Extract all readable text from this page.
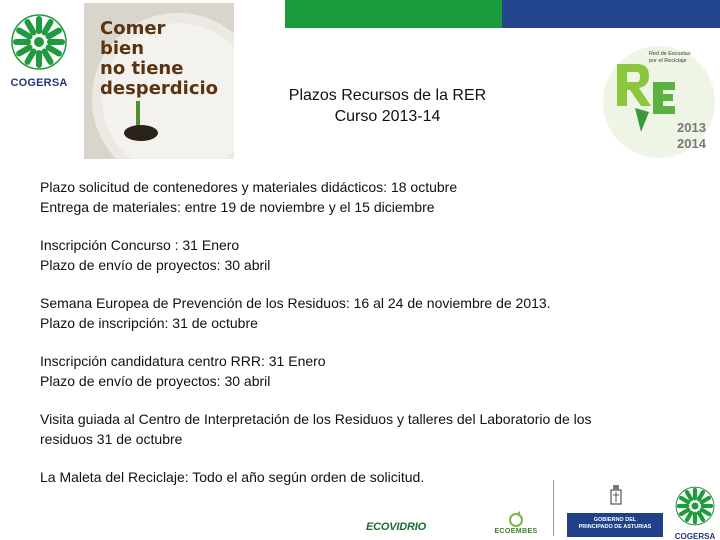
COGERSA
Comer
bien
no tiene
desperdicio	Plazos Recursos de la RER
Curso 2013-14
Red de Escuelas
por el Reciclaje
2013
2014
Plazo solicitud de contenedores y materiales didácticos: 18 octubre
Entrega de materiales: entre 19 de noviembre y el 15 diciembre
Inscripción Concurso : 31 Enero
Plazo de envío de proyectos: 30 abril
Semana Europea de Prevención de los Residuos: 16 al 24 de noviembre de 2013.
Plazo de inscripción: 31 de octubre
Inscripción candidatura centro RRR: 31 Enero
Plazo de envío de proyectos: 30 abril
Visita guiada al Centro de Interpretación de los Residuos y talleres del Laboratorio de los
residuos 31 de octubre
La Maleta del Reciclaje: Todo el año según orden de solicitud.
ECOVIDRIO	ECOEMBES
GOBIERNO DEL
PRINCIPADO DE ASTURIAS
COGERSA
